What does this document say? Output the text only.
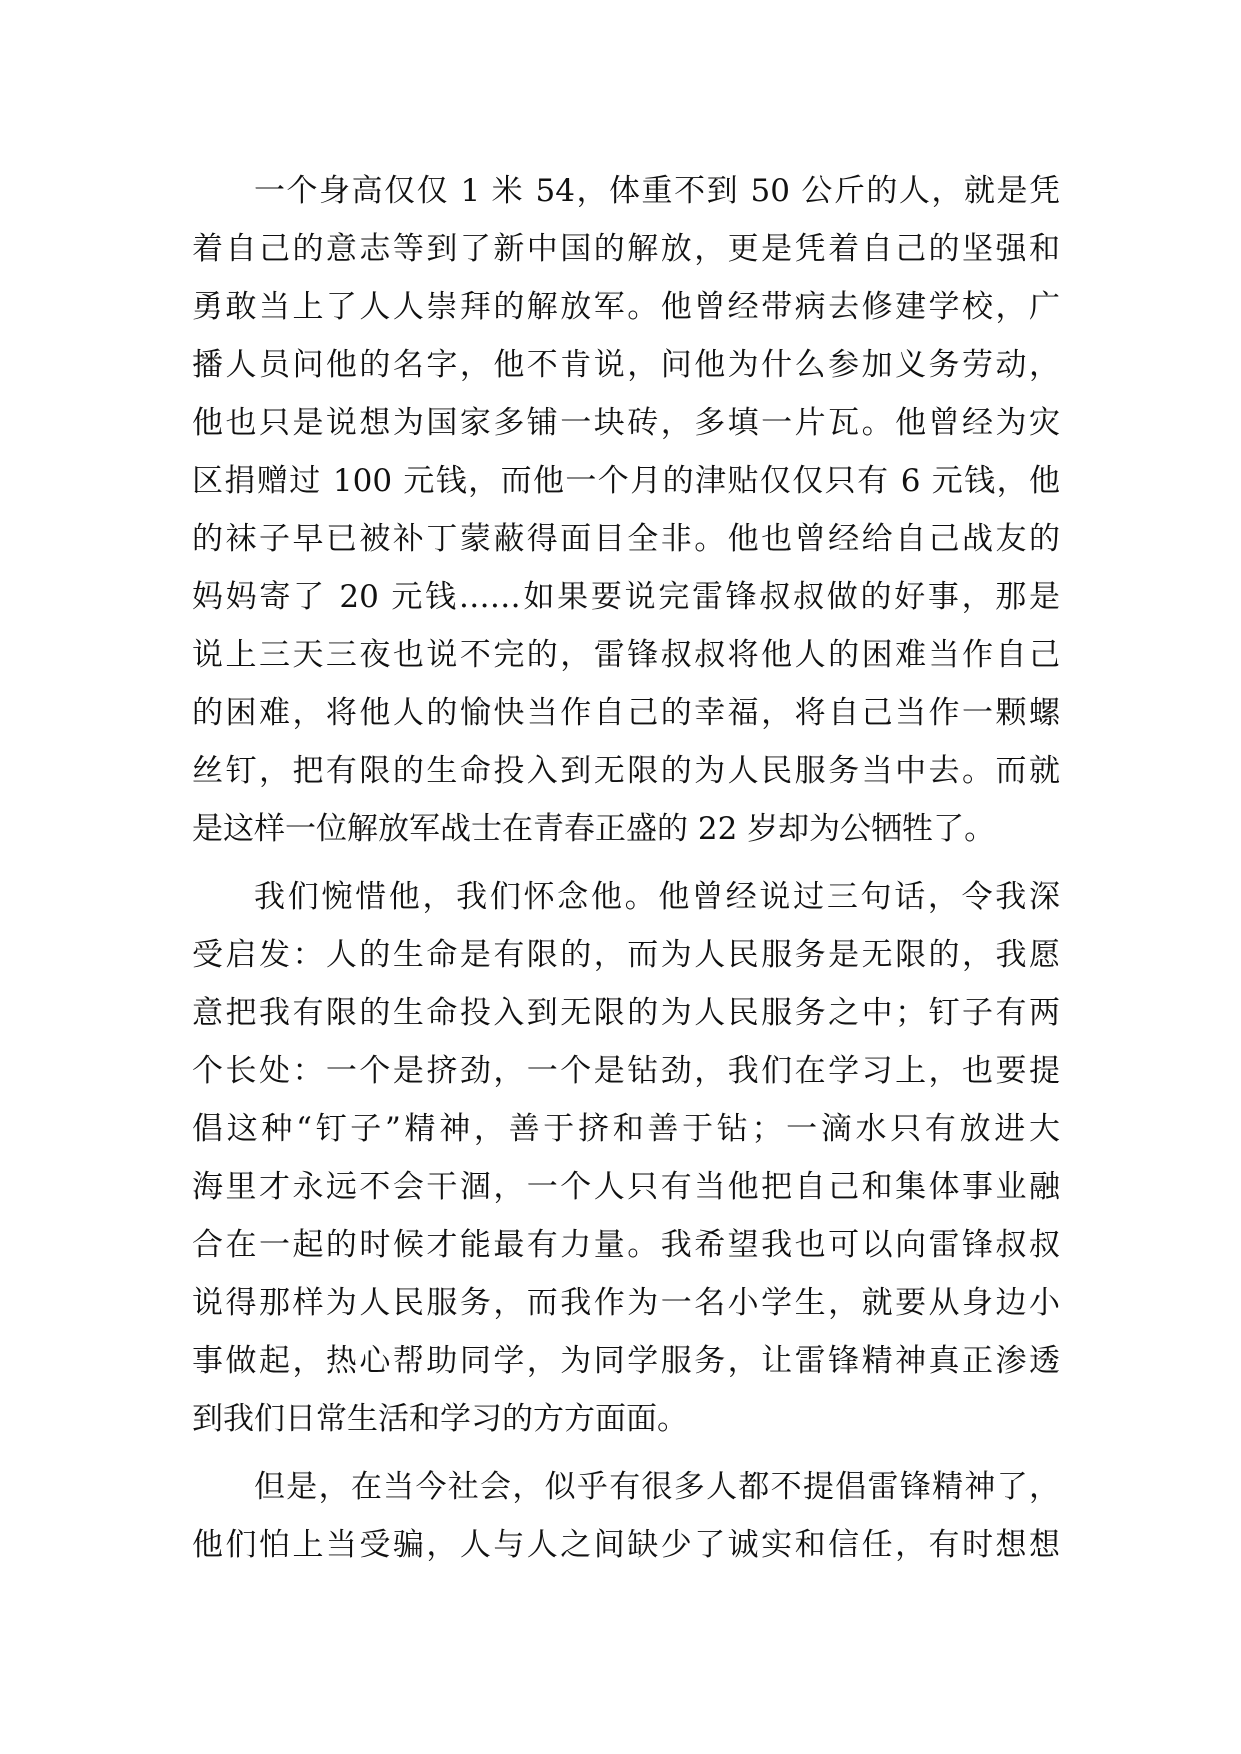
一个身高仅仅 1 米 54，体重不到 50 公斤的人，就是凭
着自己的意志等到了新中国的解放，更是凭着自己的坚强和
勇敢当上了人人崇拜的解放军。他曾经带病去修建学校，广
播人员问他的名字，他不肯说，问他为什么参加义务劳动，
他也只是说想为国家多铺一块砖，多填一片瓦。他曾经为灾
区捐赠过 100 元钱，而他一个月的津贴仅仅只有 6 元钱，他
的袜子早已被补丁蒙蔽得面目全非。他也曾经给自己战友的
妈妈寄了 20 元钱……如果要说完雷锋叔叔做的好事，那是
说上三天三夜也说不完的，雷锋叔叔将他人的困难当作自己
的困难，将他人的愉快当作自己的幸福，将自己当作一颗螺
丝钉，把有限的生命投入到无限的为人民服务当中去。而就
是这样一位解放军战士在青春正盛的 22 岁却为公牺牲了。
我们惋惜他，我们怀念他。他曾经说过三句话，令我深
受启发：人的生命是有限的，而为人民服务是无限的，我愿
意把我有限的生命投入到无限的为人民服务之中；钉子有两
个长处：一个是挤劲，一个是钻劲，我们在学习上，也要提
倡这种“钉子”精神，善于挤和善于钻；一滴水只有放进大
海里才永远不会干涸，一个人只有当他把自己和集体事业融
合在一起的时候才能最有力量。我希望我也可以向雷锋叔叔
说得那样为人民服务，而我作为一名小学生，就要从身边小
事做起，热心帮助同学，为同学服务，让雷锋精神真正渗透
到我们日常生活和学习的方方面面。
但是，在当今社会，似乎有很多人都不提倡雷锋精神了，
他们怕上当受骗，人与人之间缺少了诚实和信任，有时想想
